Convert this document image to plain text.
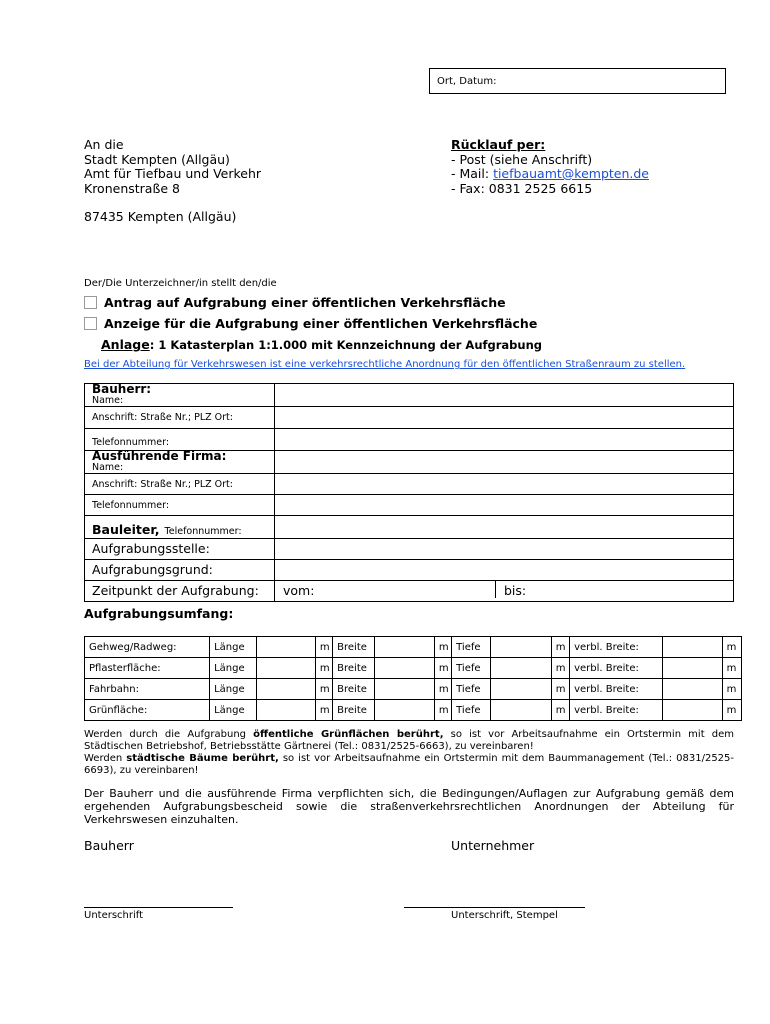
Ort, Datum:
An die
Stadt Kempten (Allgäu)
Amt für Tiefbau und Verkehr
Kronenstraße 8
87435 Kempten (Allgäu)
Rücklauf per:
- Post (siehe Anschrift)
- Mail: tiefbauamt@kempten.de
- Fax: 0831 2525 6615
Der/Die Unterzeichner/in stellt den/die
Antrag auf Aufgrabung einer öffentlichen Verkehrsfläche
Anzeige für die Aufgrabung einer öffentlichen Verkehrsfläche
Anlage: 1 Katasterplan 1:1.000 mit Kennzeichnung der Aufgrabung
Bei der Abteilung für Verkehrswesen ist eine verkehrsrechtliche Anordnung für den öffentlichen Straßenraum zu stellen.
Bauherr:
Name:	

Anschrift: Straße Nr.; PLZ Ort:	

Telefonnummer:	

Ausführende Firma:
Name:	

Anschrift: Straße Nr.; PLZ Ort:	

Telefonnummer:	

Bauleiter, Telefonnummer:	

Aufgrabungsstelle:	

Aufgrabungsgrund:	

Zeitpunkt der Aufgrabung:	vom: bis:
Aufgrabungsumfang:
Gehweg/Radweg:	Länge		m	Breite		m	Tiefe		m	verbl. Breite:		m
Pflasterfläche:	Länge		m	Breite		m	Tiefe		m	verbl. Breite:		m
Fahrbahn:	Länge		m	Breite		m	Tiefe		m	verbl. Breite:		m
Grünfläche:	Länge		m	Breite		m	Tiefe		m	verbl. Breite:		m
Werden durch die Aufgrabung öffentliche Grünflächen berührt, so ist vor Arbeitsaufnahme ein Ortstermin mit dem Städtischen Betriebshof, Betriebsstätte Gärtnerei (Tel.: 0831/2525-6663), zu vereinbaren!
Werden städtische Bäume berührt, so ist vor Arbeitsaufnahme ein Ortstermin mit dem Baummanagement (Tel.: 0831/2525-6693), zu vereinbaren!
Der Bauherr und die ausführende Firma verpflichten sich, die Bedingungen/Auflagen zur Aufgrabung gemäß dem ergehenden Aufgrabungsbescheid sowie die straßenverkehrsrechtlichen Anordnungen der Abteilung für Verkehrswesen einzuhalten.
Bauherr	Unternehmer
Unterschrift	Unterschrift, Stempel
